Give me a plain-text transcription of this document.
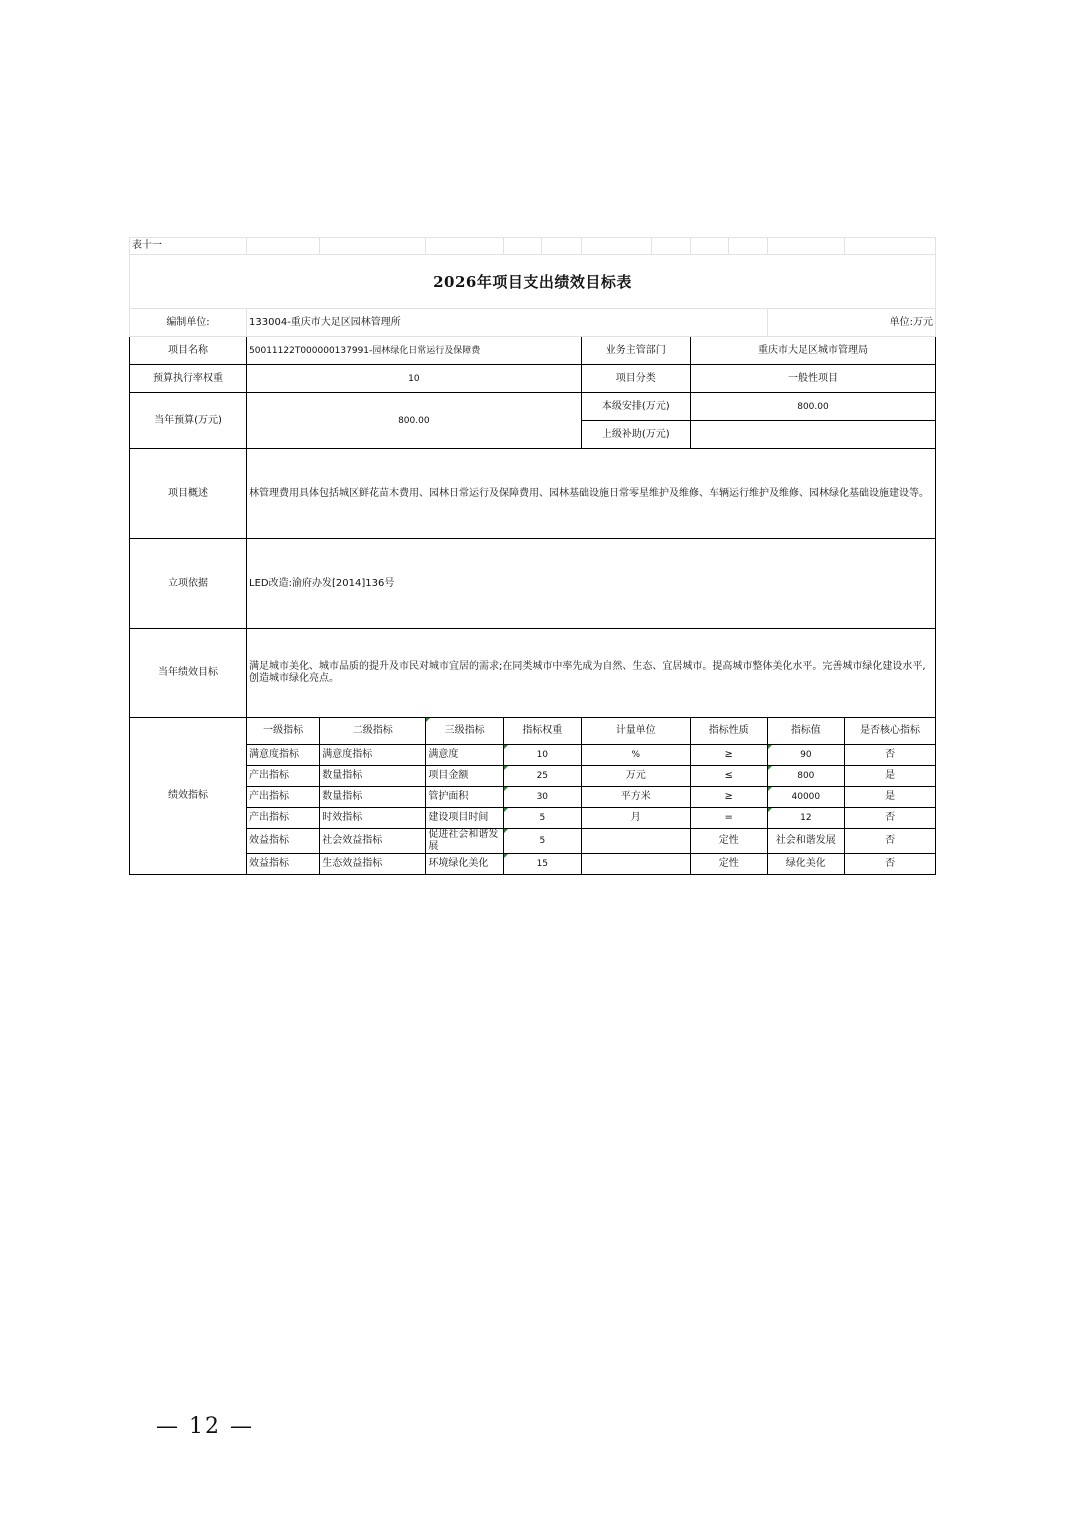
表十一											
2026年项目支出绩效目标表											
编制单位:	133004-重庆市大足区园林管理所									单位:万元	
项目名称	50011122T000000137991-园林绿化日常运行及保障费					业务主管部门		重庆市大足区城市管理局			
预算执行率权重	10					项目分类		一般性项目			
当年预算(万元)	800.00					本级安排(万元)		800.00			
						上级补助(万元)					
项目概述	林管理费用具体包括城区鲜花苗木费用、园林日常运行及保障费用、园林基础设施日常零星维护及维修、车辆运行维护及维修、园林绿化基础设施建设等。										
立项依据	LED改造:渝府办发[2014]136号										
当年绩效目标	满足城市美化、城市品质的提升及市民对城市宜居的需求;在同类城市中率先成为自然、生态、宜居城市。提高城市整体美化水平。完善城市绿化建设水平,创造城市绿化亮点。										
绩效指标	一级指标	二级指标	三级指标	指标权重		计量单位		指标性质		指标值	是否核心指标
	满意度指标	满意度指标	满意度	10		%		≥		90	否
	产出指标	数量指标	项目金额	25		万元		≤		800	是
	产出指标	数量指标	管护面积	30		平方米		≥		40000	是
	产出指标	时效指标	建设项目时间	5		月		=		12	否
	效益指标	社会效益指标	促进社会和谐发展	5				定性		社会和谐发展	否
	效益指标	生态效益指标	环境绿化美化	15				定性		绿化美化	否
— 12 —
